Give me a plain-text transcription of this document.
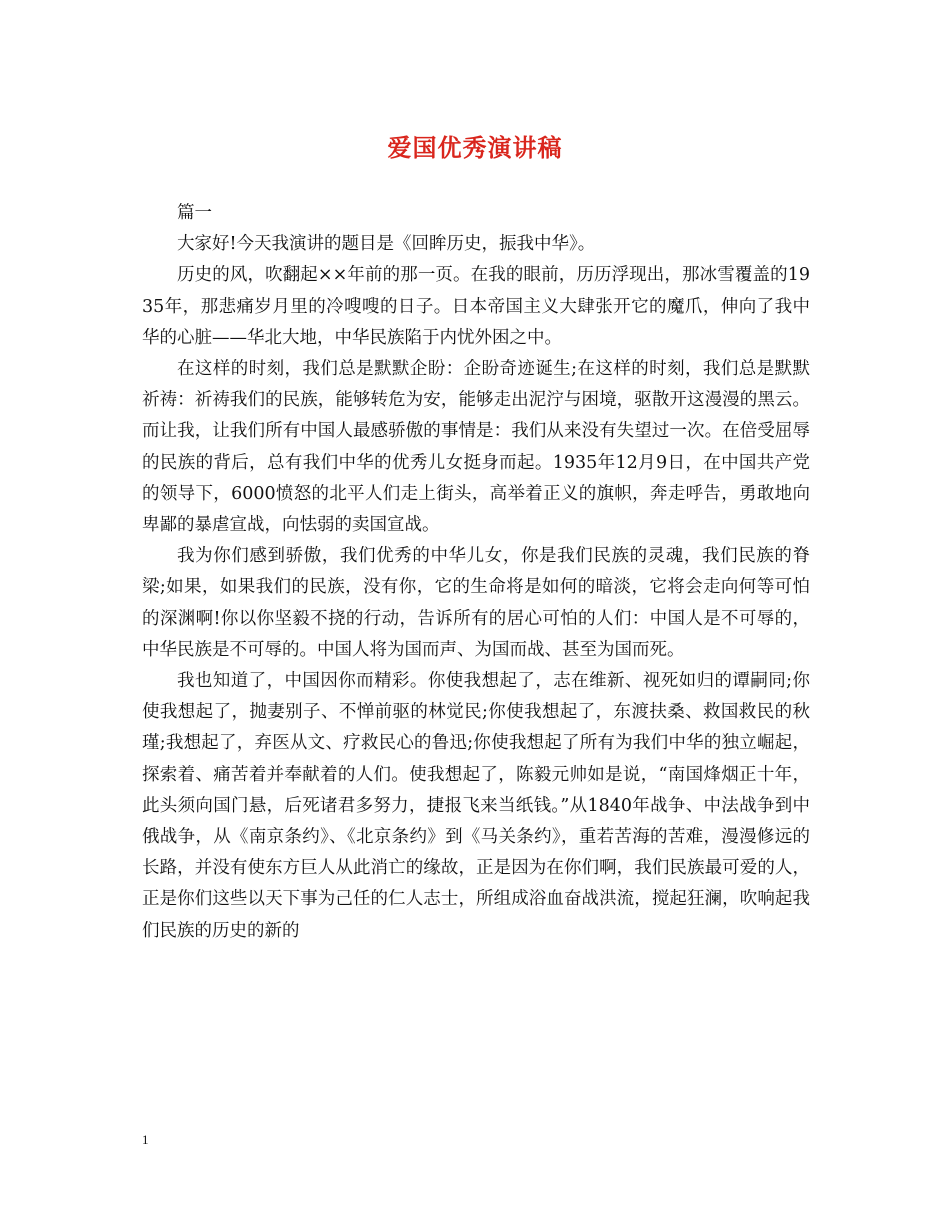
爱国优秀演讲稿

篇一

大家好!今天我演讲的题目是《回眸历史，振我中华》。

历史的风，吹翻起××年前的那一页。在我的眼前，历历浮现出，那冰雪覆盖的1935年，那悲痛岁月里的冷嗖嗖的日子。日本帝国主义大肆张开它的魔爪，伸向了我中华的心脏——华北大地，中华民族陷于内忧外困之中。

在这样的时刻，我们总是默默企盼：企盼奇迹诞生;在这样的时刻，我们总是默默祈祷：祈祷我们的民族，能够转危为安，能够走出泥泞与困境，驱散开这漫漫的黑云。而让我，让我们所有中国人最感骄傲的事情是：我们从来没有失望过一次。在倍受屈辱的民族的背后，总有我们中华的优秀儿女挺身而起。1935年12月9日，在中国共产党的领导下，6000愤怒的北平人们走上街头，高举着正义的旗帜，奔走呼告，勇敢地向卑鄙的暴虐宣战，向怯弱的卖国宣战。

我为你们感到骄傲，我们优秀的中华儿女，你是我们民族的灵魂，我们民族的脊梁;如果，如果我们的民族，没有你，它的生命将是如何的暗淡，它将会走向何等可怕的深渊啊!你以你坚毅不挠的行动，告诉所有的居心可怕的人们：中国人是不可辱的，中华民族是不可辱的。中国人将为国而声、为国而战、甚至为国而死。

我也知道了，中国因你而精彩。你使我想起了，志在维新、视死如归的谭嗣同;你使我想起了，抛妻别子、不惮前驱的林觉民;你使我想起了，东渡扶桑、救国救民的秋瑾;我想起了，弃医从文、疗救民心的鲁迅;你使我想起了所有为我们中华的独立崛起，探索着、痛苦着并奉献着的人们。使我想起了，陈毅元帅如是说，“南国烽烟正十年，此头须向国门悬，后死诸君多努力，捷报飞来当纸钱。”从1840年战争、中法战争到中俄战争，从《南京条约》、《北京条约》到《马关条约》，重若苦海的苦难，漫漫修远的长路，并没有使东方巨人从此消亡的缘故，正是因为在你们啊，我们民族最可爱的人，正是你们这些以天下事为己任的仁人志士，所组成浴血奋战洪流，搅起狂澜，吹响起我们民族的历史的新的

1
